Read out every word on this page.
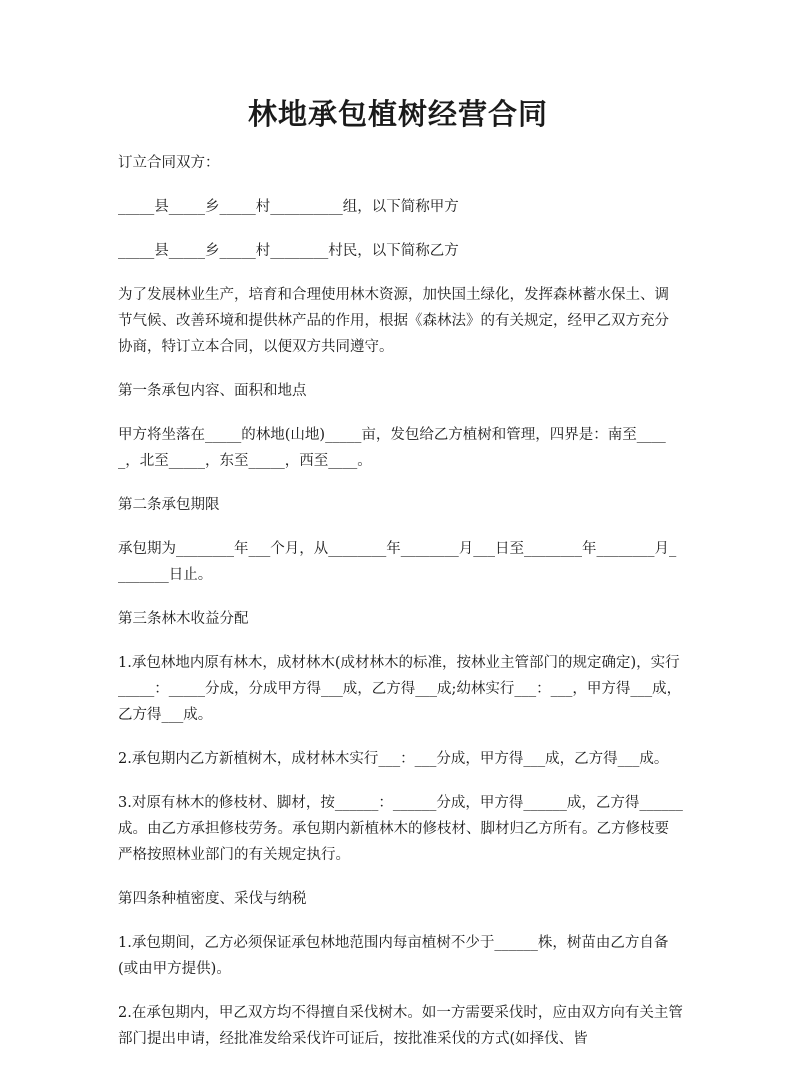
林地承包植树经营合同

订立合同双方：

_____县_____乡_____村__________组，以下简称甲方

_____县_____乡_____村________村民，以下简称乙方

为了发展林业生产，培育和合理使用林木资源，加快国土绿化，发挥森林蓄水保土、调节气候、改善环境和提供林产品的作用，根据《森林法》的有关规定，经甲乙双方充分协商，特订立本合同，以便双方共同遵守。

第一条承包内容、面积和地点

甲方将坐落在_____的林地(山地)_____亩，发包给乙方植树和管理，四界是：南至_____，北至_____，东至_____，西至____。

第二条承包期限

承包期为________年___个月，从________年________月___日至________年________月________日止。

第三条林木收益分配

1.承包林地内原有林木，成材林木(成材林木的标准，按林业主管部门的规定确定)，实行_____：_____分成，分成甲方得___成，乙方得___成;幼林实行___：___，甲方得___成，乙方得___成。

2.承包期内乙方新植树木，成材林木实行___：___分成，甲方得___成，乙方得___成。

3.对原有林木的修枝材、脚材，按______：______分成，甲方得______成，乙方得______成。由乙方承担修枝劳务。承包期内新植林木的修枝材、脚材归乙方所有。乙方修枝要严格按照林业部门的有关规定执行。

第四条种植密度、采伐与纳税

1.承包期间，乙方必须保证承包林地范围内每亩植树不少于______株，树苗由乙方自备(或由甲方提供)。

2.在承包期内，甲乙双方均不得擅自采伐树木。如一方需要采伐时，应由双方向有关主管部门提出申请，经批准发给采伐许可证后，按批准采伐的方式(如择伐、皆
